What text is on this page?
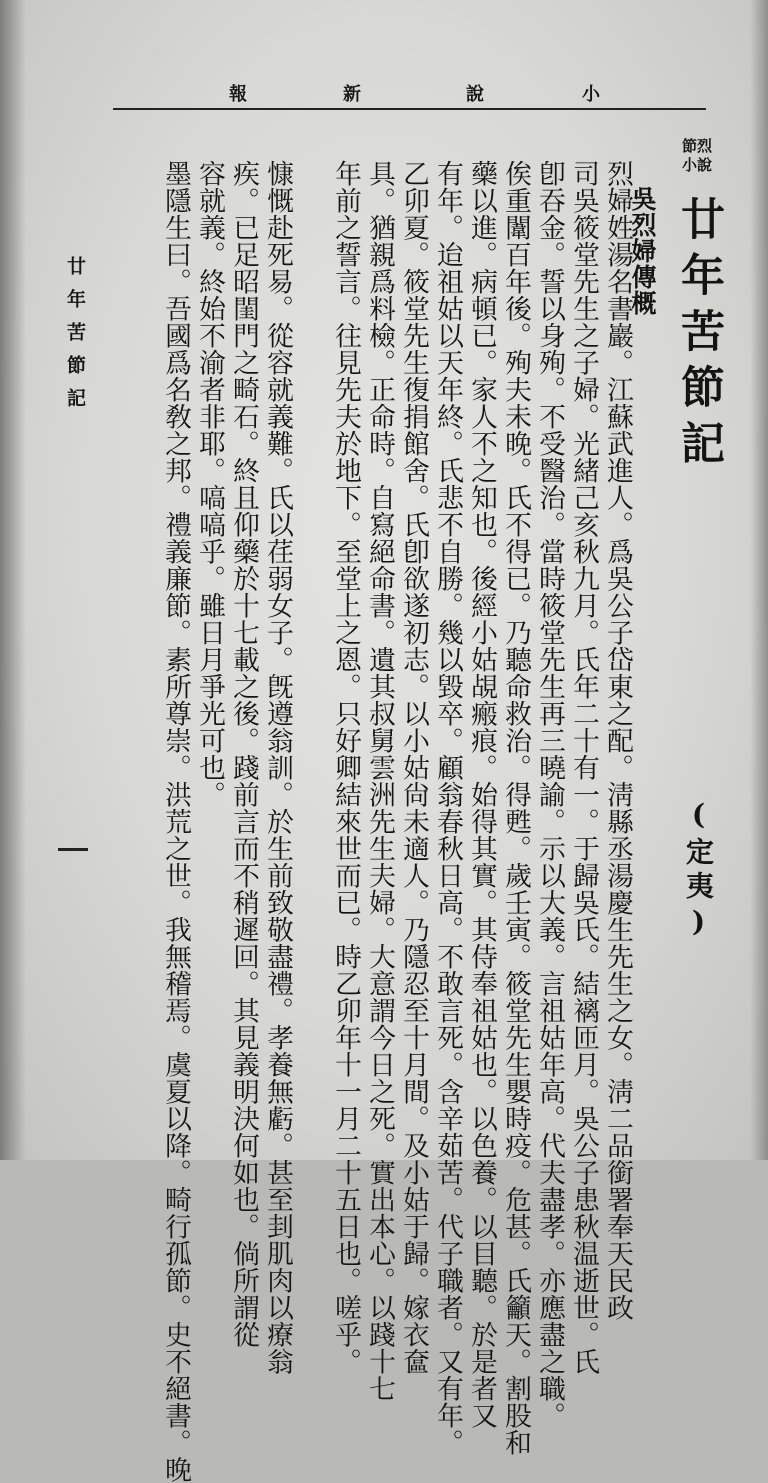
小
說
新
報
節烈
小說
廿年苦節記
(定夷)
吳烈婦傳概
烈婦姓湯名書巖。江蘇武進人。爲吳公子岱東之配。淸縣丞湯慶生先生之女。淸二品銜署奉天民政
司吳筱堂先生之子婦。光緒己亥秋九月。氏年二十有一。于歸吳氏。結褵匝月。吳公子患秋温逝世。氏
卽吞金。誓以身殉。不受醫治。當時筱堂先生再三曉諭。示以大義。言祖姑年高。代夫盡孝。亦應盡之職。
俟重闈百年後。殉夫未晚。氏不得已。乃聽命救治。得甦。歲壬寅。筱堂先生嬰時疫。危甚。氏籲天。割股和
藥以進。病頓已。家人不之知也。後經小姑覘瘢痕。始得其實。其侍奉祖姑也。以色養。以目聽。於是者又
有年。迨祖姑以天年終。氏悲不自勝。幾以毀卒。顧翁春秋日高。不敢言死。含辛茹苦。代子職者。又有年。
乙卯夏。筱堂先生復捐館舍。氏卽欲遂初志。以小姑尙未適人。乃隱忍至十月間。及小姑于歸。嫁衣奩
具。猶親爲料檢。正命時。自寫絕命書。遺其叔舅雲洲先生夫婦。大意謂今日之死。實出本心。以踐十七
年前之誓言。往見先夫於地下。至堂上之恩。只好卿結來世而已。時乙卯年十一月二十五日也。嗟乎。
慷慨赴死易。從容就義難。氏以荏弱女子。旣遵翁訓。於生前致敬盡禮。孝養無虧。甚至刲肌肉以療翁
疾。已足昭閨門之畸石。終且仰藥於十七載之後。踐前言而不稍遲回。其見義明決何如也。倘所謂從
容就義。終始不渝者非耶。嗃嗃乎。雖日月爭光可也。
墨隱生曰。吾國爲名敎之邦。禮義廉節。素所尊崇。洪荒之世。我無稽焉。虞夏以降。畸行孤節。史不絕書。晚
廿年苦節記
